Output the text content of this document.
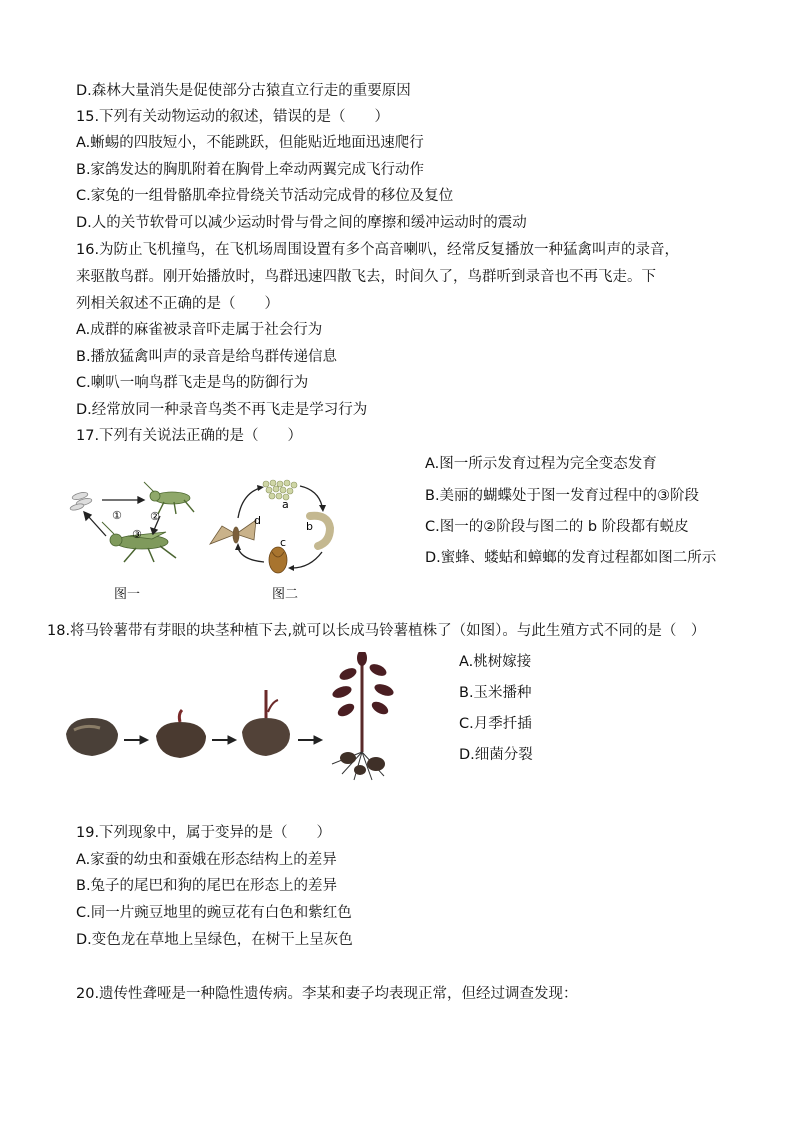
D.森林大量消失是促使部分古猿直立行走的重要原因
15.下列有关动物运动的叙述，错误的是（　　）
A.蜥蜴的四肢短小，不能跳跃，但能贴近地面迅速爬行
B.家鸽发达的胸肌附着在胸骨上牵动两翼完成飞行动作
C.家兔的一组骨骼肌牵拉骨绕关节活动完成骨的移位及复位
D.人的关节软骨可以减少运动时骨与骨之间的摩擦和缓冲运动时的震动
16.为防止飞机撞鸟，在飞机场周围设置有多个高音喇叭，经常反复播放一种猛禽叫声的录音，
来驱散鸟群。刚开始播放时，鸟群迅速四散飞去，时间久了，鸟群听到录音也不再飞走。下
列相关叙述不正确的是（　　）
A.成群的麻雀被录音吓走属于社会行为
B.播放猛禽叫声的录音是给鸟群传递信息
C.喇叭一响鸟群飞走是鸟的防御行为
D.经常放同一种录音鸟类不再飞走是学习行为
17.下列有关说法正确的是（　　）
①	②
③
图一
a
b
c
d
图二
A.图一所示发育过程为完全变态发育
B.美丽的蝴蝶处于图一发育过程中的③阶段
C.图一的②阶段与图二的 b 阶段都有蜕皮
D.蜜蜂、蝼蛄和蟑螂的发育过程都如图二所示
18.将马铃薯带有芽眼的块茎种植下去,就可以长成马铃薯植株了（如图）。与此生殖方式不同的是（　）
A.桃树嫁接
B.玉米播种
C.月季扦插
D.细菌分裂
19.下列现象中，属于变异的是（　　）
A.家蚕的幼虫和蚕娥在形态结构上的差异
B.兔子的尾巴和狗的尾巴在形态上的差异
C.同一片豌豆地里的豌豆花有白色和紫红色
D.变色龙在草地上呈绿色，在树干上呈灰色
20.遗传性聋哑是一种隐性遗传病。李某和妻子均表现正常，但经过调查发现：
